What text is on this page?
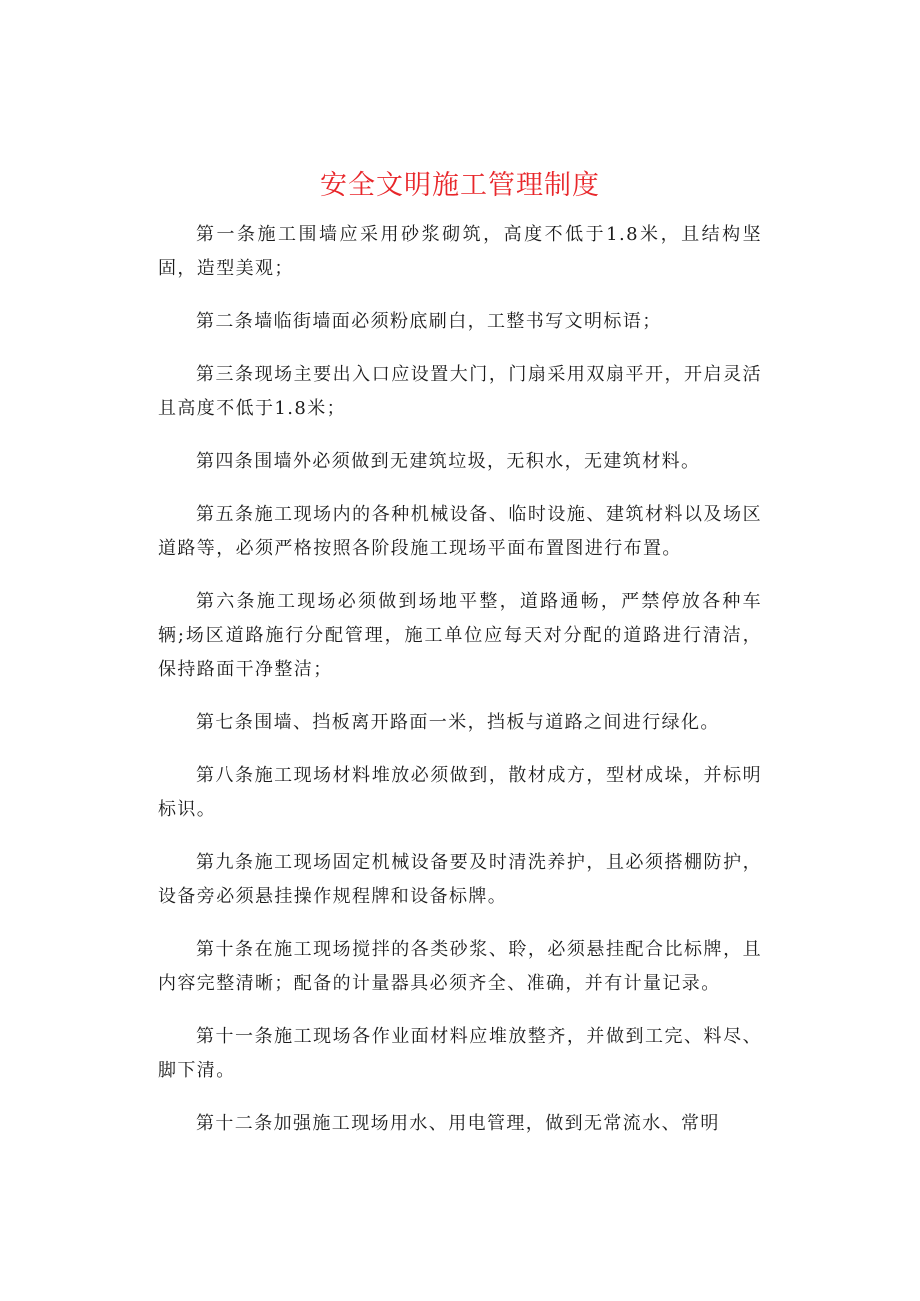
安全文明施工管理制度

第一条施工围墙应采用砂浆砌筑，高度不低于1.8米，且结构坚固，造型美观；

第二条墙临街墙面必须粉底刷白，工整书写文明标语；

第三条现场主要出入口应设置大门，门扇采用双扇平开，开启灵活且高度不低于1.8米；

第四条围墙外必须做到无建筑垃圾，无积水，无建筑材料。

第五条施工现场内的各种机械设备、临时设施、建筑材料以及场区道路等，必须严格按照各阶段施工现场平面布置图进行布置。

第六条施工现场必须做到场地平整，道路通畅，严禁停放各种车辆;场区道路施行分配管理，施工单位应每天对分配的道路进行清洁，保持路面干净整洁；

第七条围墙、挡板离开路面一米，挡板与道路之间进行绿化。

第八条施工现场材料堆放必须做到，散材成方，型材成垛，并标明标识。

第九条施工现场固定机械设备要及时清洗养护，且必须搭棚防护，设备旁必须悬挂操作规程牌和设备标牌。

第十条在施工现场搅拌的各类砂浆、聆，必须悬挂配合比标牌，且内容完整清晰；配备的计量器具必须齐全、准确，并有计量记录。

第十一条施工现场各作业面材料应堆放整齐，并做到工完、料尽、脚下清。

第十二条加强施工现场用水、用电管理，做到无常流水、常明
